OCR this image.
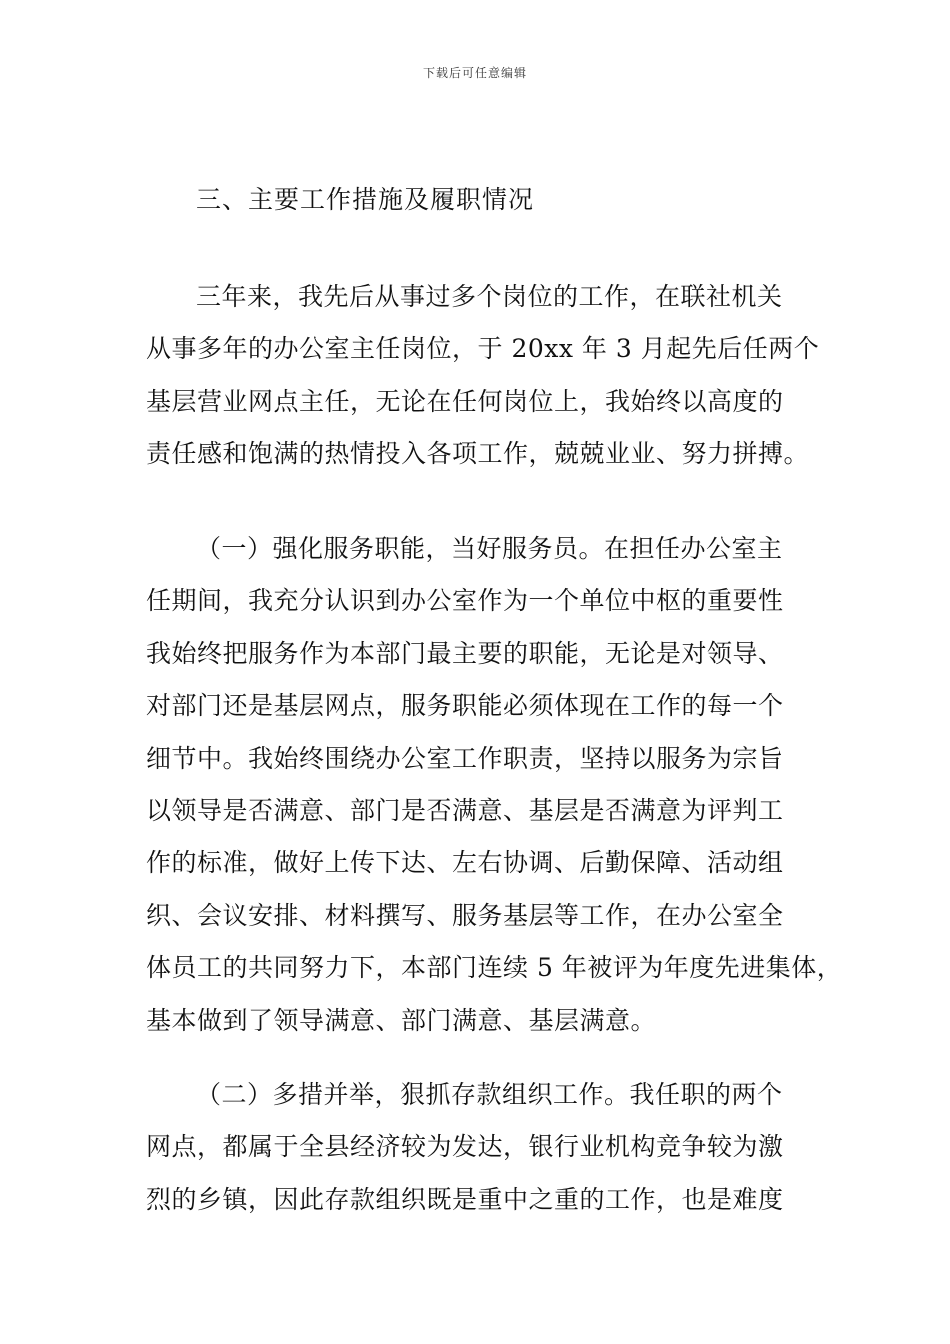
下载后可任意编辑
三、主要工作措施及履职情况
三年来，我先后从事过多个岗位的工作，在联社机关
从事多年的办公室主任岗位，于 20xx 年 3 月起先后任两个
基层营业网点主任，无论在任何岗位上，我始终以高度的
责任感和饱满的热情投入各项工作，兢兢业业、努力拼搏。
（一）强化服务职能，当好服务员。在担任办公室主
任期间，我充分认识到办公室作为一个单位中枢的重要性
我始终把服务作为本部门最主要的职能，无论是对领导、
对部门还是基层网点，服务职能必须体现在工作的每一个
细节中。我始终围绕办公室工作职责，坚持以服务为宗旨
以领导是否满意、部门是否满意、基层是否满意为评判工
作的标准，做好上传下达、左右协调、后勤保障、活动组
织、会议安排、材料撰写、服务基层等工作，在办公室全
体员工的共同努力下，本部门连续 5 年被评为年度先进集体，
基本做到了领导满意、部门满意、基层满意。
（二）多措并举，狠抓存款组织工作。我任职的两个
网点，都属于全县经济较为发达，银行业机构竞争较为激
烈的乡镇，因此存款组织既是重中之重的工作，也是难度
